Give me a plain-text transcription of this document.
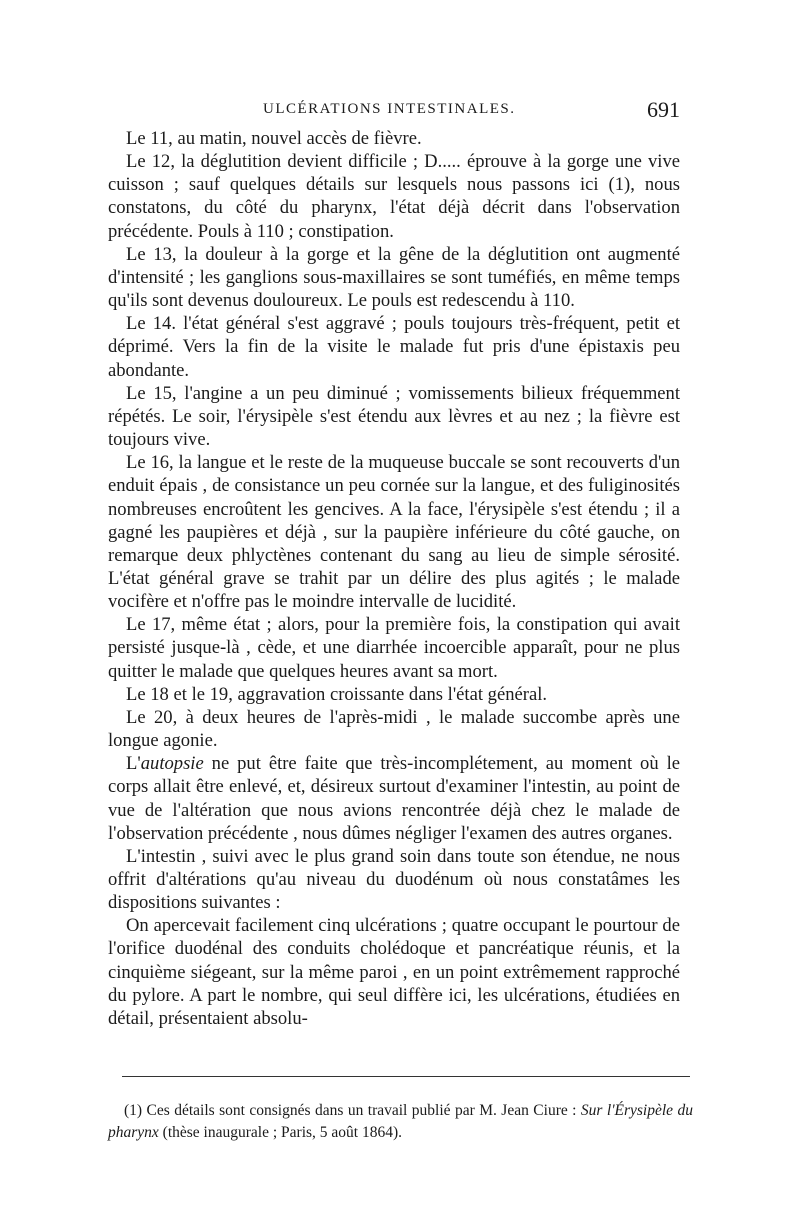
ULCÉRATIONS INTESTINALES.	691

Le 11, au matin, nouvel accès de fièvre.

Le 12, la déglutition devient difficile ; D..... éprouve à la gorge une vive cuisson ; sauf quelques détails sur lesquels nous passons ici (1), nous constatons, du côté du pharynx, l'état déjà décrit dans l'observation précédente. Pouls à 110 ; constipation.

Le 13, la douleur à la gorge et la gêne de la déglutition ont augmenté d'intensité ; les ganglions sous-maxillaires se sont tuméfiés, en même temps qu'ils sont devenus douloureux. Le pouls est redescendu à 110.

Le 14. l'état général s'est aggravé ; pouls toujours très-fréquent, petit et déprimé. Vers la fin de la visite le malade fut pris d'une épistaxis peu abondante.

Le 15, l'angine a un peu diminué ; vomissements bilieux fréquemment répétés. Le soir, l'érysipèle s'est étendu aux lèvres et au nez ; la fièvre est toujours vive.

Le 16, la langue et le reste de la muqueuse buccale se sont recouverts d'un enduit épais , de consistance un peu cornée sur la langue, et des fuliginosités nombreuses encroûtent les gencives. A la face, l'érysipèle s'est étendu ; il a gagné les paupières et déjà , sur la paupière inférieure du côté gauche, on remarque deux phlyctènes contenant du sang au lieu de simple sérosité. L'état général grave se trahit par un délire des plus agités ; le malade vocifère et n'offre pas le moindre intervalle de lucidité.

Le 17, même état ; alors, pour la première fois, la constipation qui avait persisté jusque-là , cède, et une diarrhée incoercible apparaît, pour ne plus quitter le malade que quelques heures avant sa mort.

Le 18 et le 19, aggravation croissante dans l'état général.

Le 20, à deux heures de l'après-midi , le malade succombe après une longue agonie.

L'autopsie ne put être faite que très-incomplétement, au moment où le corps allait être enlevé, et, désireux surtout d'examiner l'intestin, au point de vue de l'altération que nous avions rencontrée déjà chez le malade de l'observation précédente , nous dûmes négliger l'examen des autres organes.

L'intestin , suivi avec le plus grand soin dans toute son étendue, ne nous offrit d'altérations qu'au niveau du duodénum où nous constatâmes les dispositions suivantes :

On apercevait facilement cinq ulcérations ; quatre occupant le pourtour de l'orifice duodénal des conduits cholédoque et pancréatique réunis, et la cinquième siégeant, sur la même paroi , en un point extrêmement rapproché du pylore. A part le nombre, qui seul diffère ici, les ulcérations, étudiées en détail, présentaient absolu-

(1) Ces détails sont consignés dans un travail publié par M. Jean Ciure : Sur l'Érysipèle du pharynx (thèse inaugurale ; Paris, 5 août 1864).
